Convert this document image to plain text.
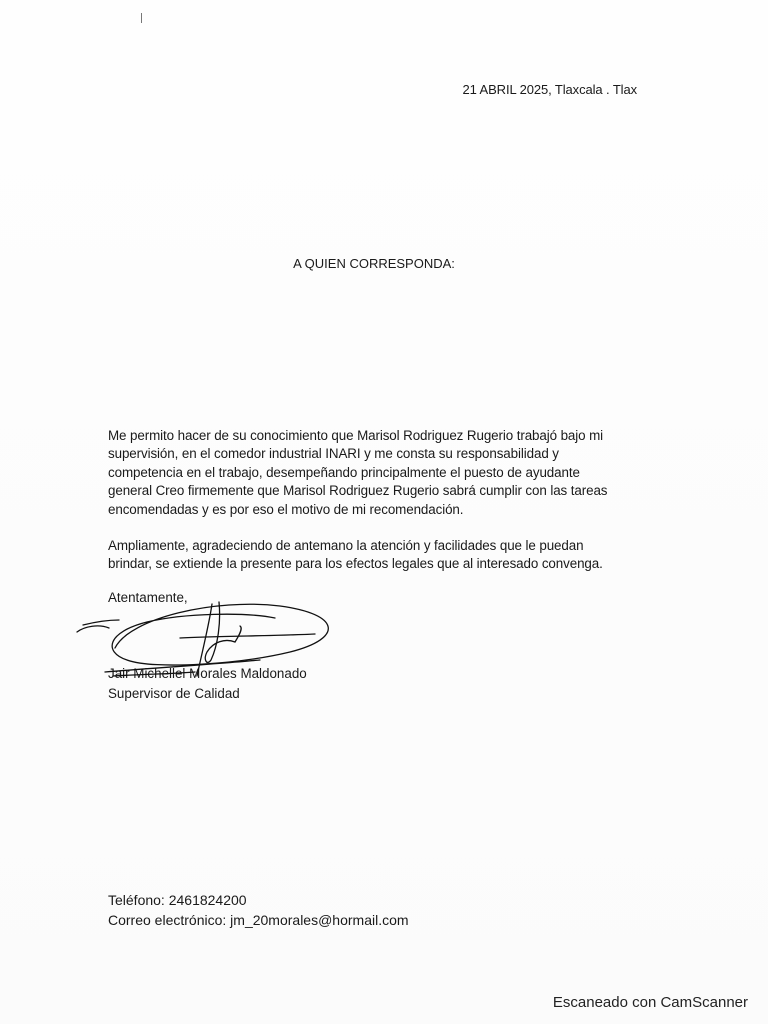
21 ABRIL 2025, Tlaxcala . Tlax
A QUIEN CORRESPONDA:
Me permito hacer de su conocimiento que Marisol Rodriguez Rugerio trabajó bajo mi
supervisión, en el comedor industrial INARI y me consta su responsabilidad y
competencia en el trabajo, desempeñando principalmente el puesto de ayudante
general Creo firmemente que Marisol Rodriguez Rugerio sabrá cumplir con las tareas
encomendadas y es por eso el motivo de mi recomendación.
Ampliamente, agradeciendo de antemano la atención y facilidades que le puedan
brindar, se extiende la presente para los efectos legales que al interesado convenga.
Atentamente,
Jair Michellel Morales Maldonado
Supervisor de Calidad
Teléfono: 2461824200
Correo electrónico: jm_20morales@hormail.com
Escaneado con CamScanner
